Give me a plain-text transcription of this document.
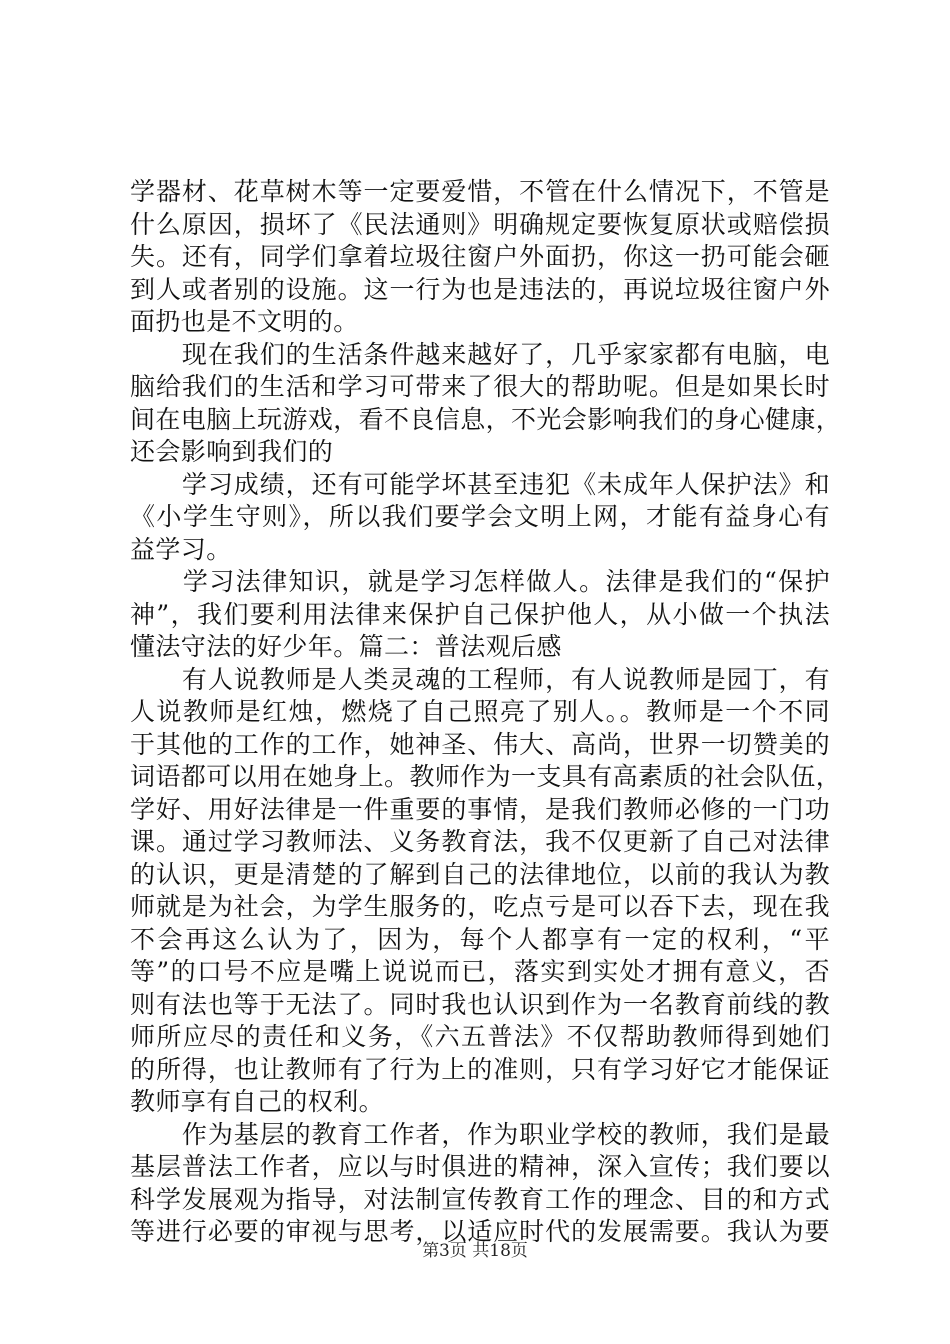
学器材、花草树木等一定要爱惜，不管在什么情况下，不管是
什么原因，损坏了《民法通则》明确规定要恢复原状或赔偿损
失。还有，同学们拿着垃圾往窗户外面扔，你这一扔可能会砸
到人或者别的设施。这一行为也是违法的，再说垃圾往窗户外
面扔也是不文明的。
　　现在我们的生活条件越来越好了，几乎家家都有电脑，电
脑给我们的生活和学习可带来了很大的帮助呢。但是如果长时
间在电脑上玩游戏，看不良信息，不光会影响我们的身心健康，
还会影响到我们的
　　学习成绩，还有可能学坏甚至违犯《未成年人保护法》和
《小学生守则》，所以我们要学会文明上网，才能有益身心有
益学习。
　　学习法律知识，就是学习怎样做人。法律是我们的“保护
神”，我们要利用法律来保护自己保护他人，从小做一个执法
懂法守法的好少年。篇二：普法观后感
　　有人说教师是人类灵魂的工程师，有人说教师是园丁，有
人说教师是红烛，燃烧了自己照亮了别人。。教师是一个不同
于其他的工作的工作，她神圣、伟大、高尚，世界一切赞美的
词语都可以用在她身上。教师作为一支具有高素质的社会队伍，
学好、用好法律是一件重要的事情，是我们教师必修的一门功
课。通过学习教师法、义务教育法，我不仅更新了自己对法律
的认识，更是清楚的了解到自己的法律地位，以前的我认为教
师就是为社会，为学生服务的，吃点亏是可以吞下去，现在我
不会再这么认为了，因为，每个人都享有一定的权利，“平
等”的口号不应是嘴上说说而已，落实到实处才拥有意义，否
则有法也等于无法了。同时我也认识到作为一名教育前线的教
师所应尽的责任和义务，《六五普法》不仅帮助教师得到她们
的所得，也让教师有了行为上的准则，只有学习好它才能保证
教师享有自己的权利。
　　作为基层的教育工作者，作为职业学校的教师，我们是最
基层普法工作者，应以与时俱进的精神，深入宣传；我们要以
科学发展观为指导，对法制宣传教育工作的理念、目的和方式
等进行必要的审视与思考，以适应时代的发展需要。我认为要
第3页 共18页
